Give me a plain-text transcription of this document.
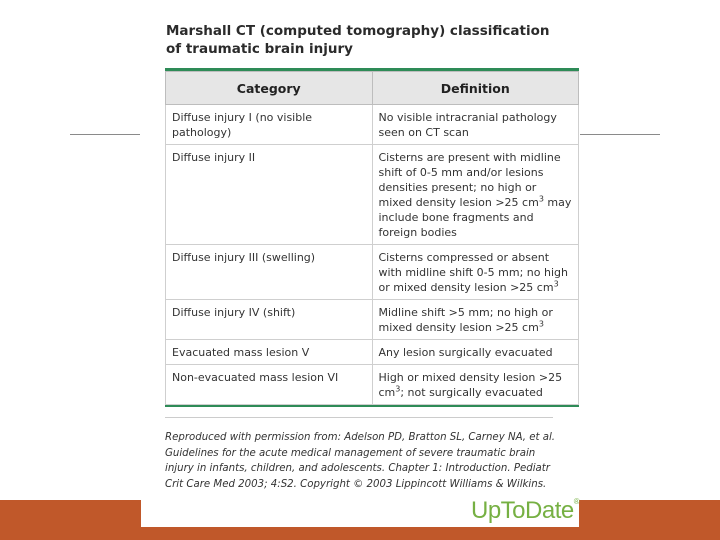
Marshall CT (computed tomography) classification of traumatic brain injury
Category	Definition
Diffuse injury I (no visible pathology)	No visible intracranial pathology seen on CT scan
Diffuse injury II	Cisterns are present with midline shift of 0-5 mm and/or lesions densities present; no high or mixed density lesion >25 $cm^3$ may include bone fragments and foreign bodies
Diffuse injury III (swelling)	Cisterns compressed or absent with midline shift 0-5 mm; no high or mixed density lesion >25 $cm^3$
Diffuse injury IV (shift)	Midline shift >5 mm; no high or mixed density lesion >25 $cm^3$
Evacuated mass lesion V	Any lesion surgically evacuated
Non-evacuated mass lesion VI	High or mixed density lesion >25 $cm^3$; not surgically evacuated
Reproduced with permission from: Adelson PD, Bratton SL, Carney NA, et al. Guidelines for the acute medical management of severe traumatic brain injury in infants, children, and adolescents. Chapter 1: Introduction. Pediatr Crit Care Med 2003; 4:S2. Copyright © 2003 Lippincott Williams & Wilkins.
UpToDate®
